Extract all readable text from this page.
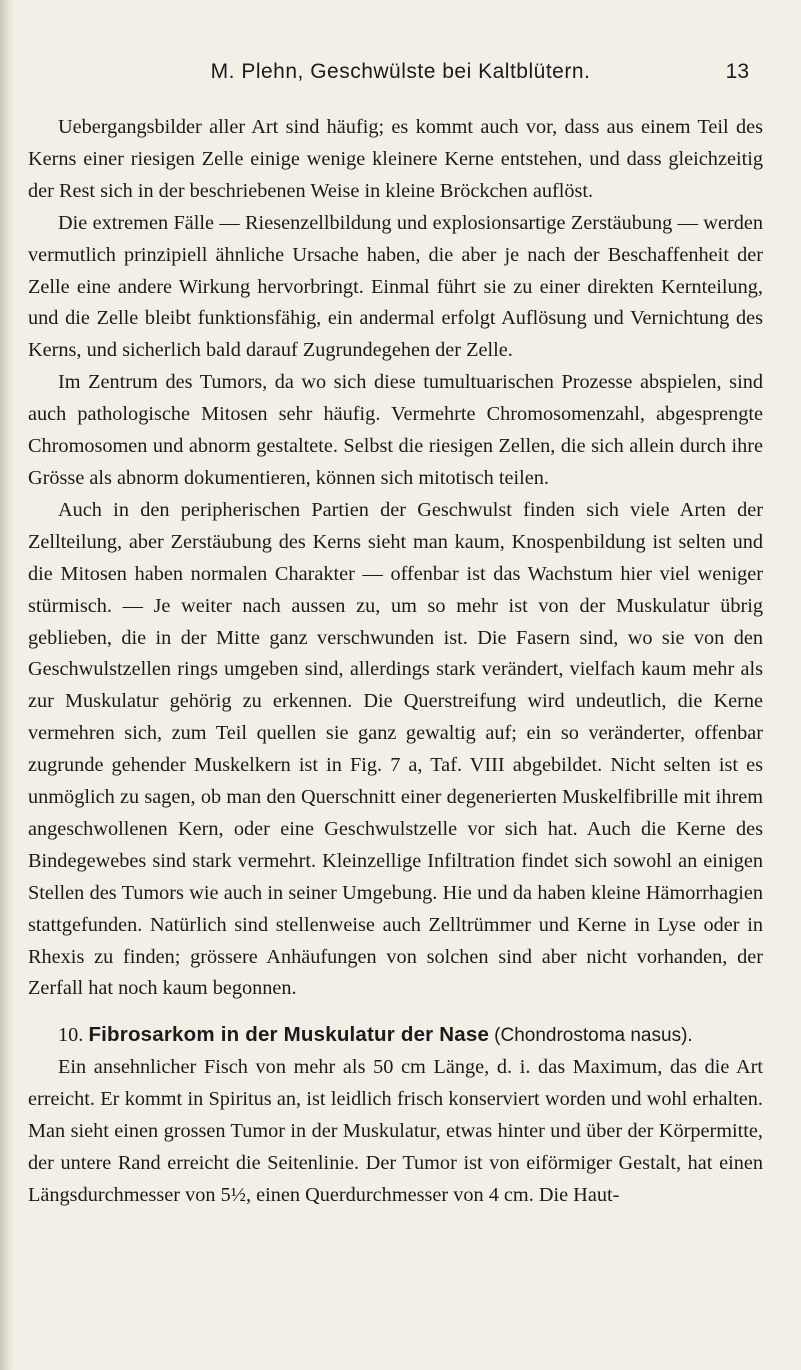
M. Plehn, Geschwülste bei Kaltblütern.	13

Uebergangsbilder aller Art sind häufig; es kommt auch vor, dass aus einem Teil des Kerns einer riesigen Zelle einige wenige kleinere Kerne entstehen, und dass gleichzeitig der Rest sich in der beschriebenen Weise in kleine Bröckchen auflöst.

Die extremen Fälle — Riesenzellbildung und explosionsartige Zerstäubung — werden vermutlich prinzipiell ähnliche Ursache haben, die aber je nach der Beschaffenheit der Zelle eine andere Wirkung hervorbringt. Einmal führt sie zu einer direkten Kernteilung, und die Zelle bleibt funktionsfähig, ein andermal erfolgt Auflösung und Vernichtung des Kerns, und sicherlich bald darauf Zugrundegehen der Zelle.

Im Zentrum des Tumors, da wo sich diese tumultuarischen Prozesse abspielen, sind auch pathologische Mitosen sehr häufig. Vermehrte Chromosomenzahl, abgesprengte Chromosomen und abnorm gestaltete. Selbst die riesigen Zellen, die sich allein durch ihre Grösse als abnorm dokumentieren, können sich mitotisch teilen.

Auch in den peripherischen Partien der Geschwulst finden sich viele Arten der Zellteilung, aber Zerstäubung des Kerns sieht man kaum, Knospenbildung ist selten und die Mitosen haben normalen Charakter — offenbar ist das Wachstum hier viel weniger stürmisch. — Je weiter nach aussen zu, um so mehr ist von der Muskulatur übrig geblieben, die in der Mitte ganz verschwunden ist. Die Fasern sind, wo sie von den Geschwulstzellen rings umgeben sind, allerdings stark verändert, vielfach kaum mehr als zur Muskulatur gehörig zu erkennen. Die Querstreifung wird undeutlich, die Kerne vermehren sich, zum Teil quellen sie ganz gewaltig auf; ein so veränderter, offenbar zugrunde gehender Muskelkern ist in Fig. 7 a, Taf. VIII abgebildet. Nicht selten ist es unmöglich zu sagen, ob man den Querschnitt einer degenerierten Muskelfibrille mit ihrem angeschwollenen Kern, oder eine Geschwulstzelle vor sich hat. Auch die Kerne des Bindegewebes sind stark vermehrt. Kleinzellige Infiltration findet sich sowohl an einigen Stellen des Tumors wie auch in seiner Umgebung. Hie und da haben kleine Hämorrhagien stattgefunden. Natürlich sind stellenweise auch Zelltrümmer und Kerne in Lyse oder in Rhexis zu finden; grössere Anhäufungen von solchen sind aber nicht vorhanden, der Zerfall hat noch kaum begonnen.

10. Fibrosarkom in der Muskulatur der Nase (Chondrostoma nasus).

Ein ansehnlicher Fisch von mehr als 50 cm Länge, d. i. das Maximum, das die Art erreicht. Er kommt in Spiritus an, ist leidlich frisch konserviert worden und wohl erhalten. Man sieht einen grossen Tumor in der Muskulatur, etwas hinter und über der Körpermitte, der untere Rand erreicht die Seitenlinie. Der Tumor ist von eiförmiger Gestalt, hat einen Längsdurchmesser von 5½, einen Querdurchmesser von 4 cm. Die Haut-
